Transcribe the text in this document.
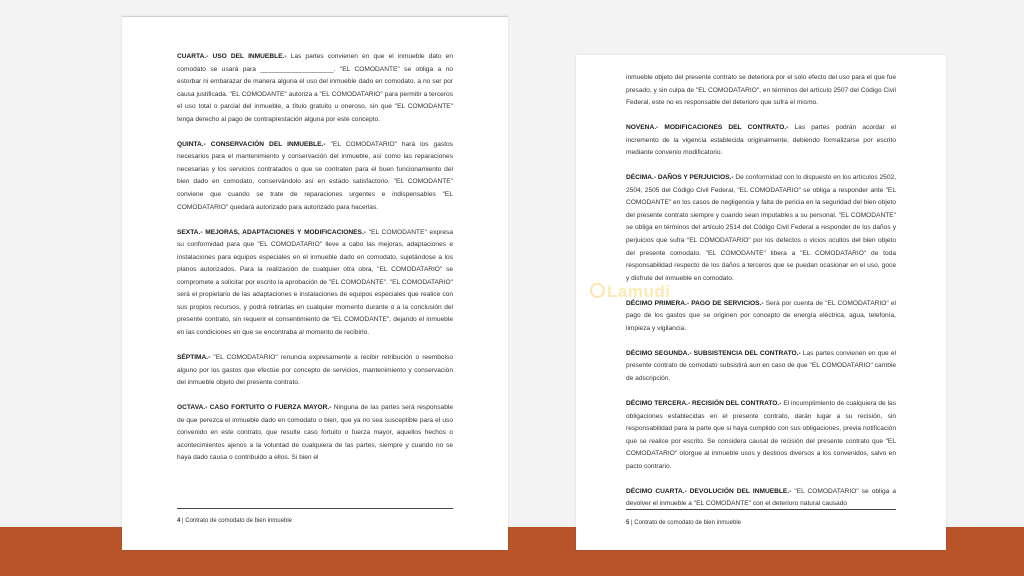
CUARTA.- USO DEL INMUEBLE.- Las partes convienen en que el inmueble dato en comodato se usará para ____________________. "EL COMODANTE" se obliga a no estorbar ni embarazar de manera alguna el uso del inmueble dado en comodato, a no ser por causa justificada. "EL COMODANTE" autoriza a "EL COMODATARIO" para permitir a terceros el uso total o parcial del inmueble, a título gratuito u oneroso, sin que "EL COMODANTE" tenga derecho al pago de contraprestación alguna por este concepto.

QUINTA.- CONSERVACIÓN DEL INMUEBLE.- "EL COMODATARIO" hará los gastos necesarios para el mantenimiento y conservación del inmueble, así como las reparaciones necesarias y los servicios contratados o que se contraten para el buen funcionamiento del bien dado en comodato, conservándolo así en estado satisfactorio. "EL COMODANTE" conviene que cuando se trate de reparaciones urgentes e indispensables "EL COMODATARIO" quedará autorizado para autorizado para hacerlas.

SEXTA.- MEJORAS, ADAPTACIONES Y MODIFICACIONES.- "EL COMODANTE" expresa su conformidad para que "EL COMODATARIO" lleve a cabo las mejoras, adaptaciones e instalaciones para equipos especiales en el inmueble dado en comodato, sujetándose a los planos autorizados. Para la realización de cualquier otra obra, "EL COMODATARIO" se compromete a solicitar por escrito la aprobación de "EL COMODANTE". "EL COMODATARIO" será el propietario de las adaptaciones e instalaciones de equipos especiales que realice con sus propios recursos, y podrá retirarlas en cualquier momento durante o a la conclusión del presente contrato, sin requerir el consentimiento de "EL COMODANTE", dejando el inmueble en las condiciones en que se encontraba al momento de recibirlo.

SÉPTIMA.- "EL COMODATARIO" renuncia expresamente a recibir retribución o reembolso alguno por los gastos que efectúe por concepto de servicios, mantenimiento y conservación del inmueble objeto del presente contrato.

OCTAVA.- CASO FORTUITO O FUERZA MAYOR.- Ninguna de las partes será responsable de que perezca el inmueble dado en comodato o bien, que ya no sea susceptible para el uso convenido en este contrato, que resulte caso fortuito o fuerza mayor, aquellos hechos o acontecimientos ajenos a la voluntad de cualquiera de las partes, siempre y cuando no se haya dado causa o contribuido a ellos. Si bien el

4 | Contrato de comodato de bien inmueble

inmueble objeto del presente contrato se deteriora por el solo efecto del uso para el que fue presado, y sin culpa de "EL COMODATARIO", en términos del artículo 2507 del Código Civil Federal, este no es responsable del deterioro que sufra el mismo.

NOVENA.- MODIFICACIONES DEL CONTRATO.- Las partes podrán acordar el incremento de la vigencia establecida originalmente, debiendo formalizarse por escrito mediante convenio modificatorio.

DÉCIMA.- DAÑOS Y PERJUICIOS.- De conformidad con lo dispuesto en los artículos 2502, 2504, 2505 del Código Civil Federal, "EL COMODATARIO" se obliga a responder ante "EL COMODANTE" en los casos de negligencia y falta de pericia en la seguridad del bien objeto del presente contrato siempre y cuando sean imputables a su personal. "EL COMODANTE" se obliga en términos del artículo 2514 del Código Civil Federal a responder de los daños y perjuicios que sufra "EL COMODATARIO" por los defectos o vicios ocultos del bien objeto del presente comodato. "EL COMODANTE" libera a "EL COMODATARIO" de toda responsabilidad respecto de los daños a terceros que se puedan ocasionar en el uso, goce y disfrute del inmueble en comodato.

DÉCIMO PRIMERA.- PAGO DE SERVICIOS.- Será por cuenta de "EL COMODATARIO" el pago de los gastos que se originen por concepto de energía eléctrica, agua, telefonía, limpieza y vigilancia.

DÉCIMO SEGUNDA.- SUBSISTENCIA DEL CONTRATO.- Las partes convienen en que el presente contrato de comodato subsistirá aun en caso de que "EL COMODATARIO" cambie de adscripción.

DÉCIMO TERCERA.- RECISIÓN DEL CONTRATO.- El incumplimiento de cualquiera de las obligaciones establecidas en el presente contrato, darán lugar a su recisión, sin responsabilidad para la parte que si haya cumplido con sus obligaciones, previa notificación que se realice por escrito. Se considera causal de recisión del presente contrato que "EL COMODATARIO" otorgue al inmueble usos y destinos diversos a los convenidos, salvo en pacto contrario.

DÉCIMO CUARTA.- DEVOLUCIÓN DEL INMUEBLE.- "EL COMODATARIO" se obliga a devolver el inmueble a "EL COMODANTE" con el deterioro natural causado

5 | Contrato de comodato de bien inmueble
Lamudi
